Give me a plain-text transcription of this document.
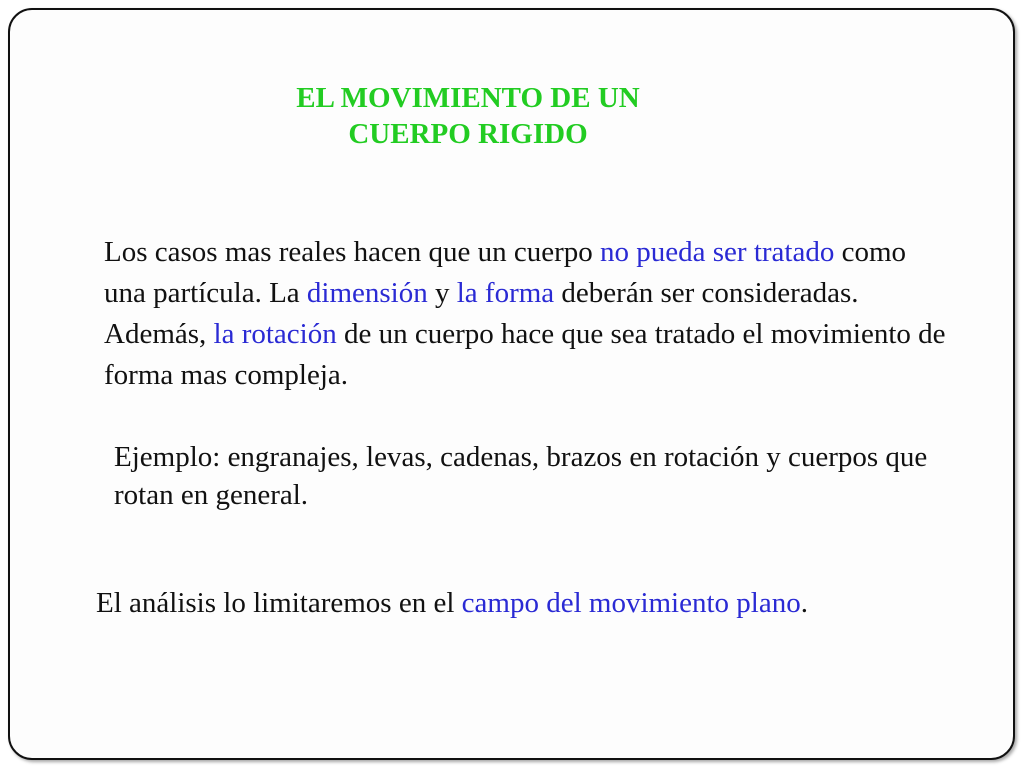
EL MOVIMIENTO DE UN
CUERPO RIGIDO

Los casos mas reales hacen que un cuerpo no pueda ser tratado como una partícula. La dimensión y la forma deberán ser consideradas. Además, la rotación de un cuerpo hace que sea tratado el movimiento de forma mas compleja.

Ejemplo: engranajes, levas, cadenas, brazos en rotación y cuerpos que rotan en general.

El análisis lo limitaremos en el campo del movimiento plano.
